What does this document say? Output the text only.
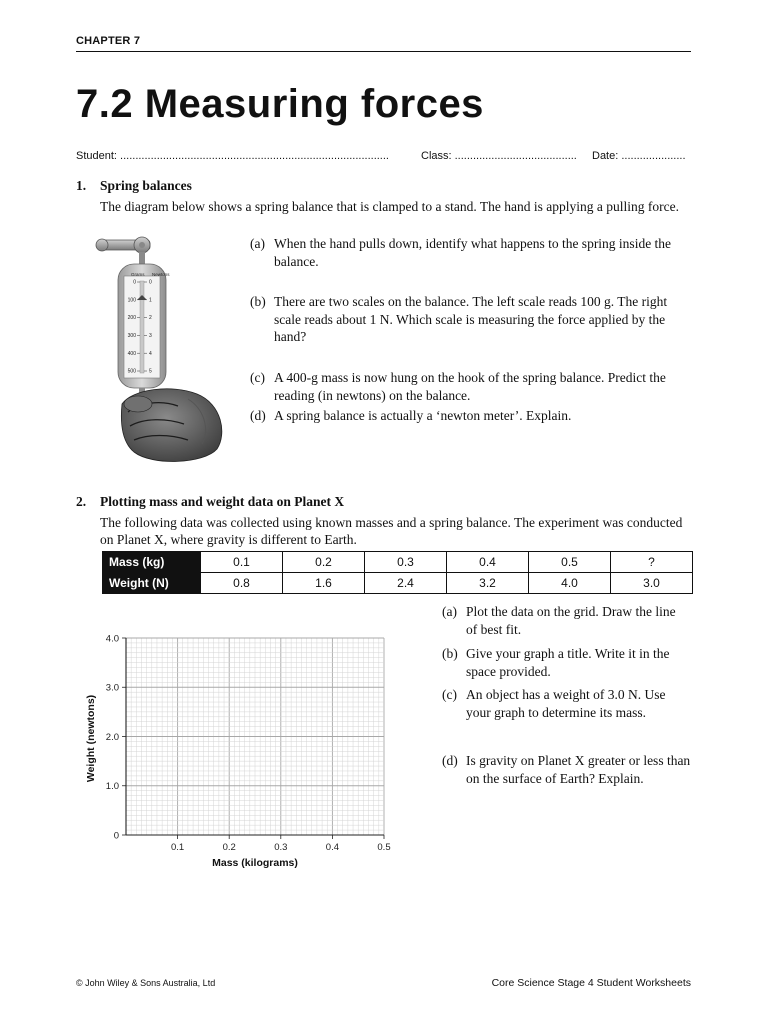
CHAPTER 7
7.2 Measuring forces
Student: ........................................................................................	Class: ........................................ Date: .....................
1. Spring balances
The diagram below shows a spring balance that is clamped to a stand. The hand is applying a pulling force.
Grams Newtons
0
100
200
300
400
500
0
1
2
3
4
5
(a) When the hand pulls down, identify what happens to the spring inside the balance.
(b) There are two scales on the balance. The left scale reads 100 g. The right scale reads about 1 N. Which scale is measuring the force applied by the hand?
(c) A 400-g mass is now hung on the hook of the spring balance. Predict the reading (in newtons) on the balance.
(d) A spring balance is actually a ‘newton meter’. Explain.
2. Plotting mass and weight data on Planet X
The following data was collected using known masses and a spring balance. The experiment was conducted on Planet X, where gravity is different to Earth.
Mass (kg)	0.1	0.2	0.3	0.4	0.5	?
Weight (N)	0.8	1.6	2.4	3.2	4.0	3.0
0.1	0.2	0.3	0.4	0.5
0
1.0
2.0
3.0
4.0
Mass (kilograms)
Weight (newtons)
(a) Plot the data on the grid. Draw the line of best fit.
(b) Give your graph a title. Write it in the space provided.
(c) An object has a weight of 3.0 N. Use your graph to determine its mass.
(d) Is gravity on Planet X greater or less than on the surface of Earth? Explain.
© John Wiley & Sons Australia, Ltd	Core Science Stage 4 Student Worksheets
